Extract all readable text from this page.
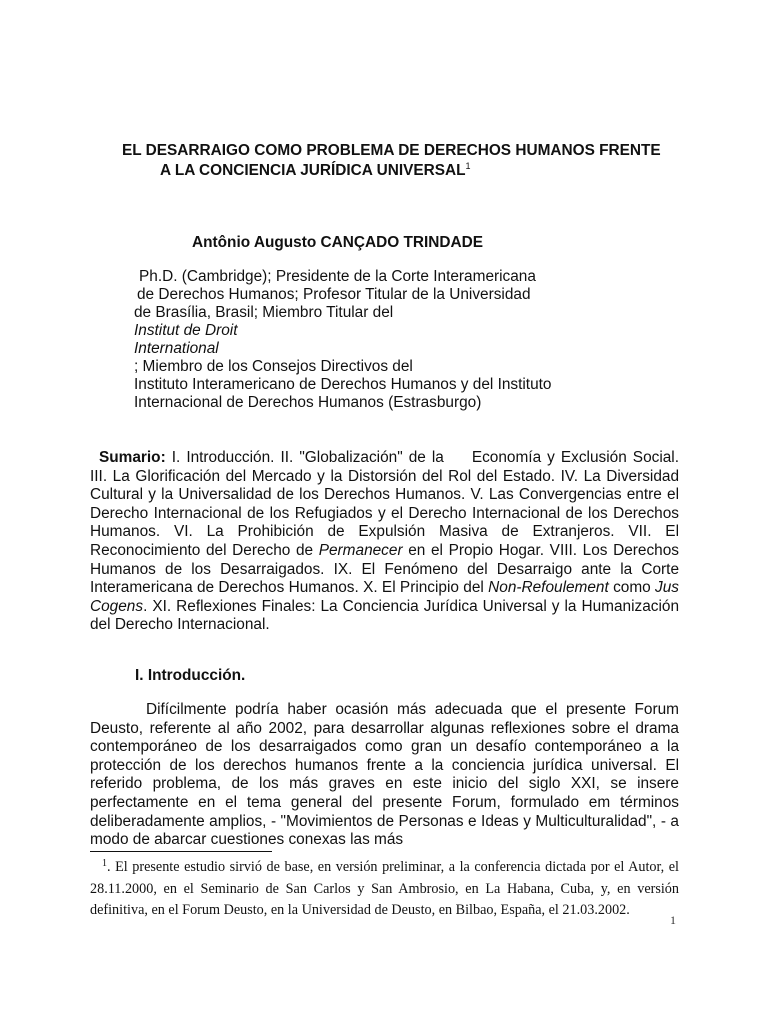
EL DESARRAIGO COMO PROBLEMA DE DERECHOS HUMANOS FRENTE
A LA CONCIENCIA JURÍDICA UNIVERSAL$^1$
Antônio Augusto CANÇADO TRINDADE
Ph.D. (Cambridge); Presidente de la Corte Interamericana
de Derechos Humanos; Profesor Titular de la Universidad
de Brasília, Brasil; Miembro Titular del
Institut de Droit
International
; Miembro de los Consejos Directivos del
Instituto Interamericano de Derechos Humanos y del Instituto
Internacional de Derechos Humanos (Estrasburgo)
Sumario: I. Introducción. II. "Globalización" de la Economía y Exclusión Social. III. La Glorificación del Mercado y la Distorsión del Rol del Estado. IV. La Diversidad Cultural y la Universalidad de los Derechos Humanos. V. Las Convergencias entre el Derecho Internacional de los Refugiados y el Derecho Internacional de los Derechos Humanos. VI. La Prohibición de Expulsión Masiva de Extranjeros. VII. El Reconocimiento del Derecho de Permanecer en el Propio Hogar. VIII. Los Derechos Humanos de los Desarraigados. IX. El Fenómeno del Desarraigo ante la Corte Interamericana de Derechos Humanos. X. El Principio del Non-Refoulement como Jus Cogens. XI. Reflexiones Finales: La Conciencia Jurídica Universal y la Humanización del Derecho Internacional.
I. Introducción.
Difícilmente podría haber ocasión más adecuada que el presente Forum Deusto, referente al año 2002, para desarrollar algunas reflexiones sobre el drama contemporáneo de los desarraigados como gran un desafío contemporáneo a la protección de los derechos humanos frente a la conciencia jurídica universal. El referido problema, de los más graves en este inicio del siglo XXI, se insere perfectamente en el tema general del presente Forum, formulado em términos deliberadamente amplios, - "Movimientos de Personas e Ideas y Multiculturalidad", - a modo de abarcar cuestiones conexas las más
$^1$. El presente estudio sirvió de base, en versión preliminar, a la conferencia dictada por el Autor, el 28.11.2000, en el Seminario de San Carlos y San Ambrosio, en La Habana, Cuba, y, en versión definitiva, en el Forum Deusto, en la Universidad de Deusto, en Bilbao, España, el 21.03.2002.
1
